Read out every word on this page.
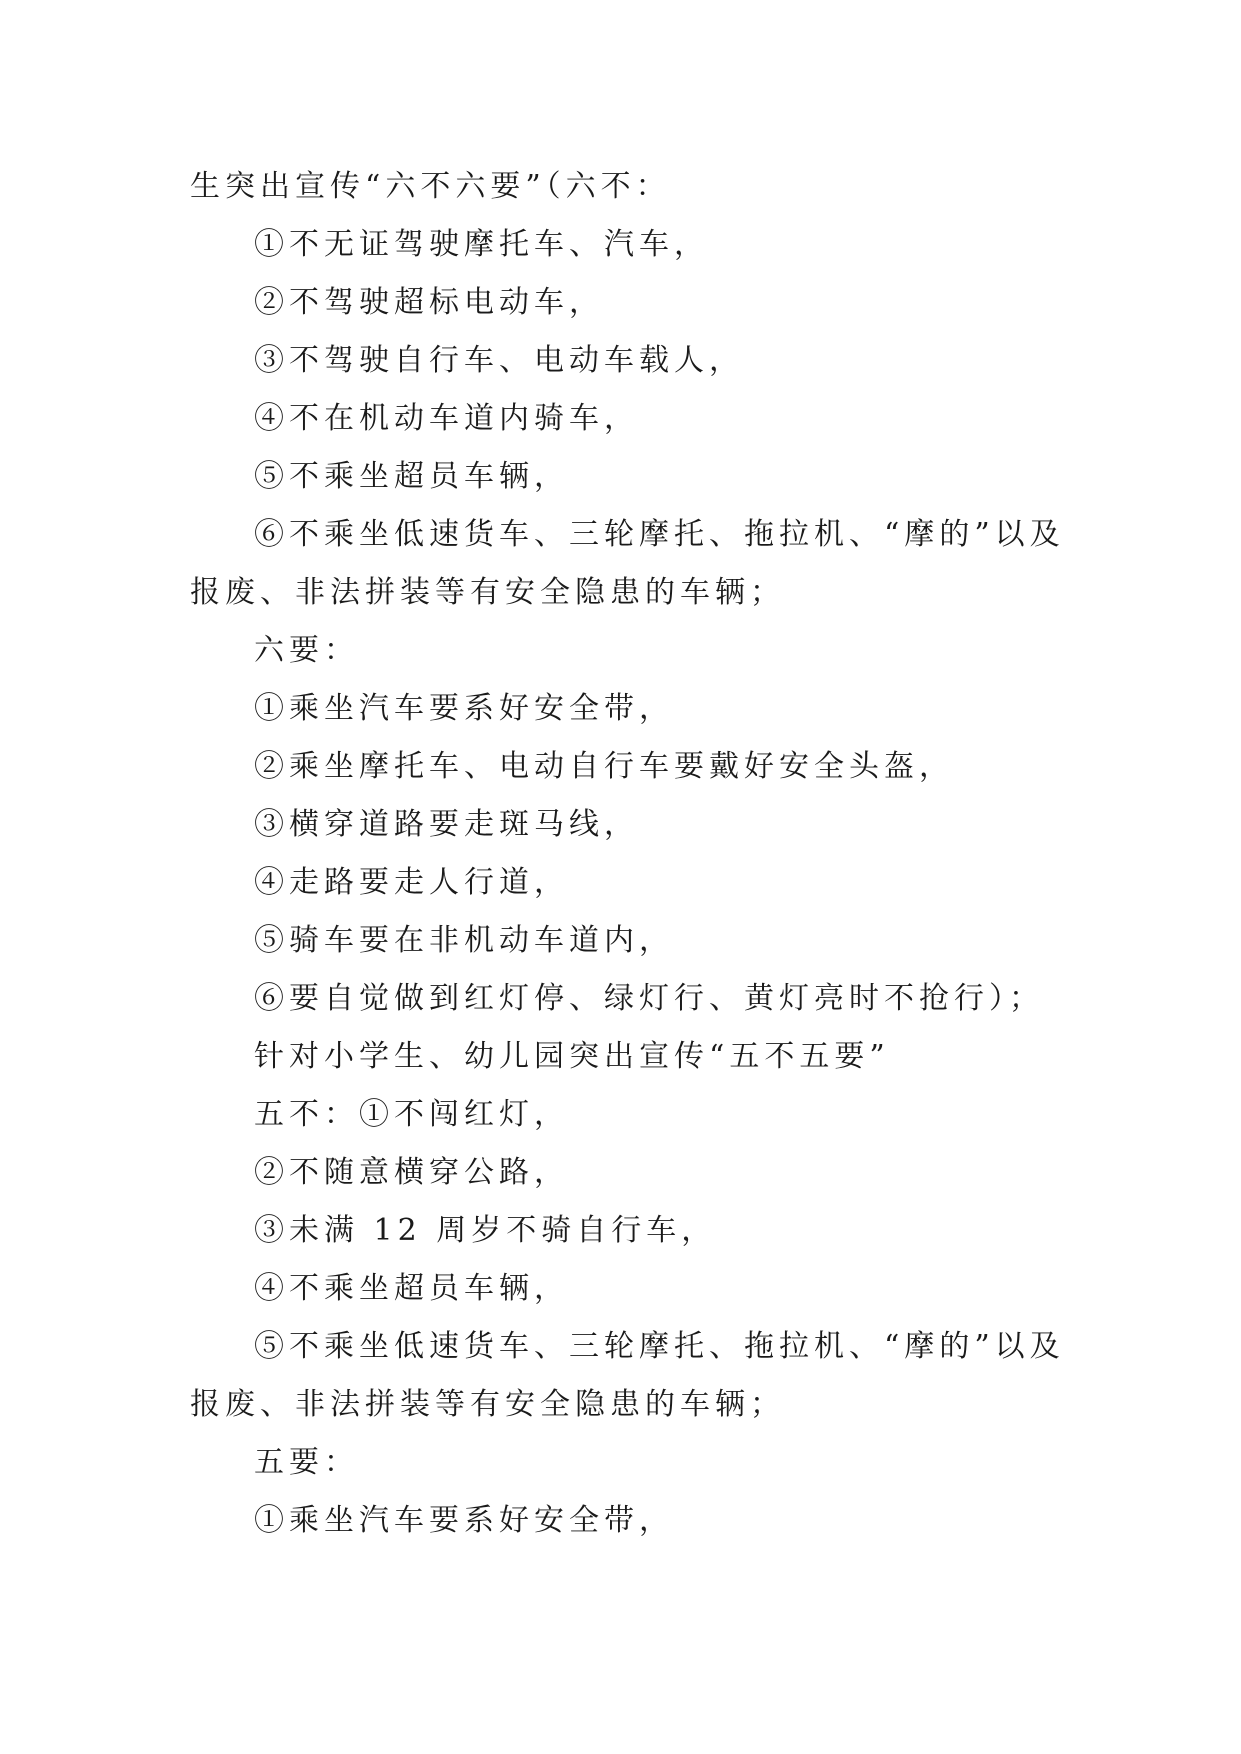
生突出宣传“六不六要”（六不：
①不无证驾驶摩托车、汽车，
②不驾驶超标电动车，
③不驾驶自行车、电动车载人，
④不在机动车道内骑车，
⑤不乘坐超员车辆，
⑥不乘坐低速货车、三轮摩托、拖拉机、“摩的”以及
报废、非法拼装等有安全隐患的车辆；
六要：
①乘坐汽车要系好安全带，
②乘坐摩托车、电动自行车要戴好安全头盔，
③横穿道路要走斑马线，
④走路要走人行道，
⑤骑车要在非机动车道内，
⑥要自觉做到红灯停、绿灯行、黄灯亮时不抢行）；
针对小学生、幼儿园突出宣传“五不五要”
五不：①不闯红灯，
②不随意横穿公路，
③未满 12 周岁不骑自行车，
④不乘坐超员车辆，
⑤不乘坐低速货车、三轮摩托、拖拉机、“摩的”以及
报废、非法拼装等有安全隐患的车辆；
五要：
①乘坐汽车要系好安全带，
